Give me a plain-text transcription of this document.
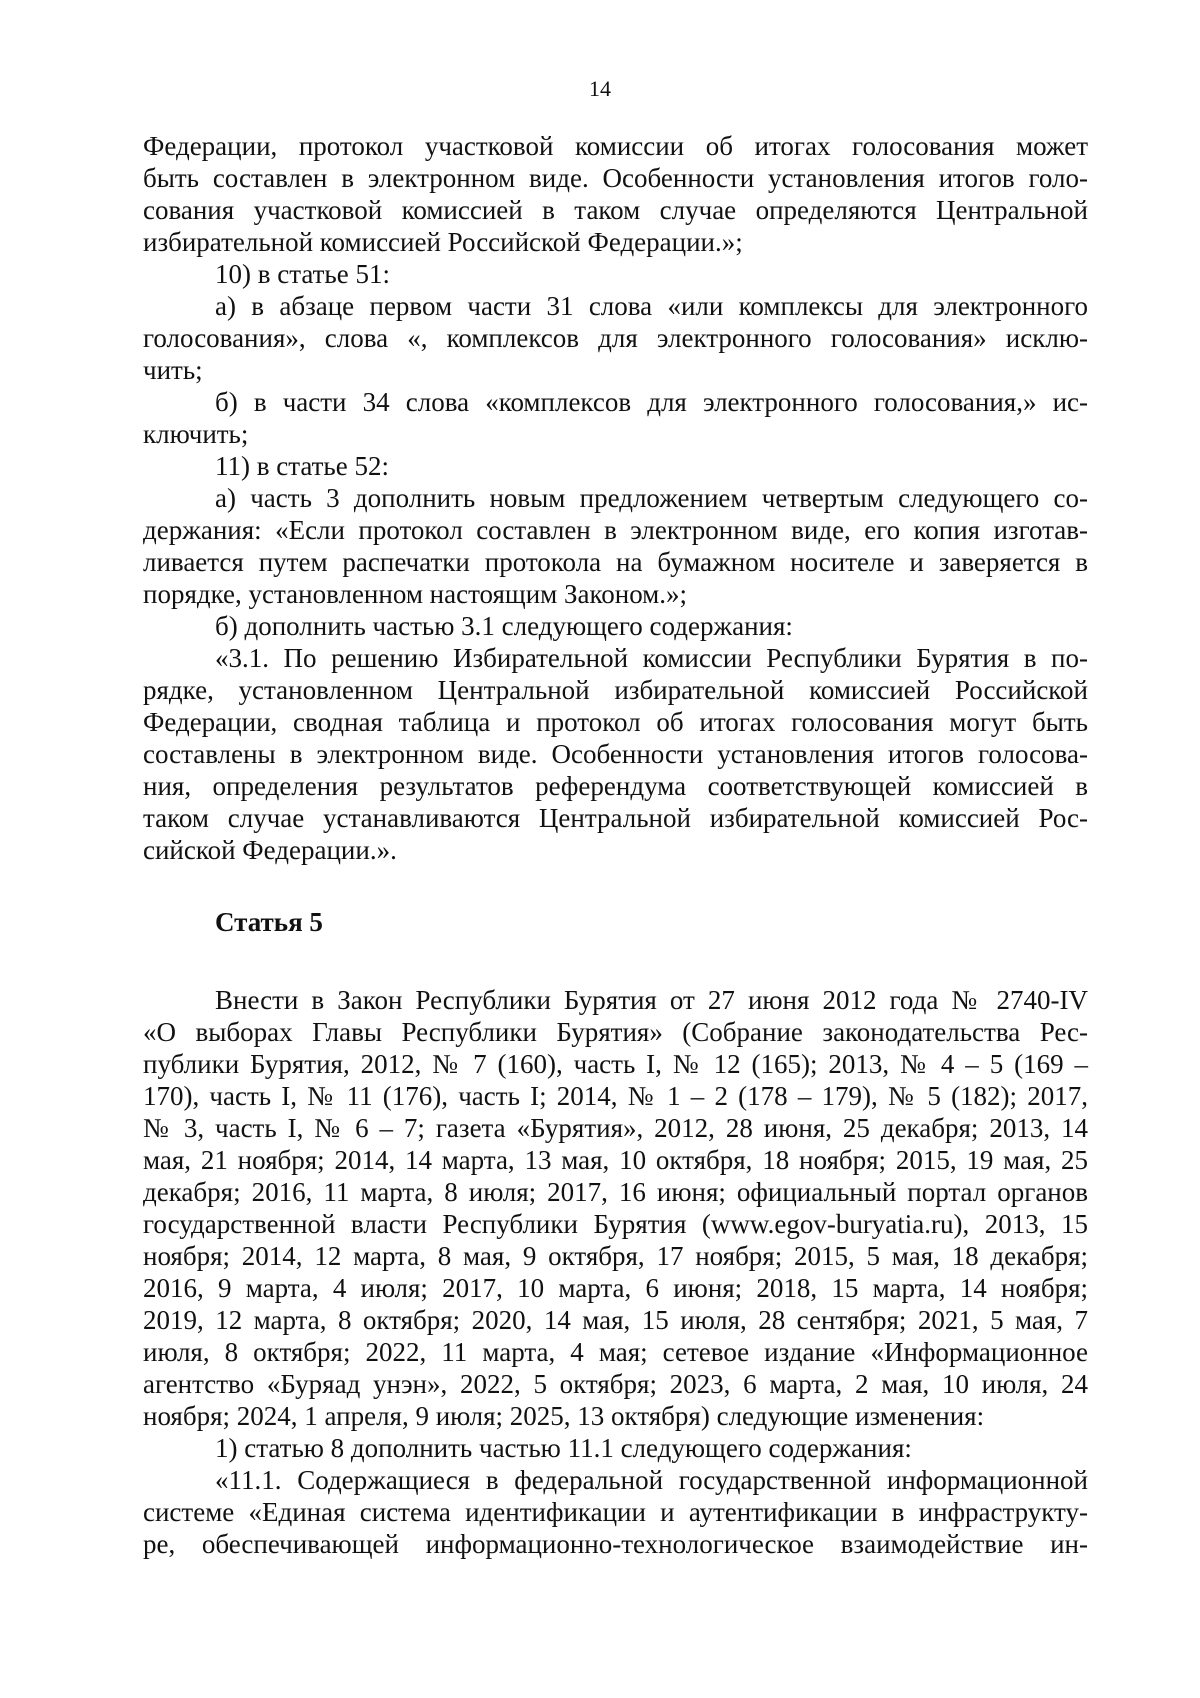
14
Федерации, протокол участковой комиссии об итогах голосования может
быть составлен в электронном виде. Особенности установления итогов голо-
сования участковой комиссией в таком случае определяются Центральной
избирательной комиссией Российской Федерации.»;
10) в статье 51:
а) в абзаце первом части 31 слова «или комплексы для электронного
голосования», слова «, комплексов для электронного голосования» исклю-
чить;
б) в части 34 слова «комплексов для электронного голосования,» ис-
ключить;
11) в статье 52:
а) часть 3 дополнить новым предложением четвертым следующего со-
держания: «Если протокол составлен в электронном виде, его копия изготав-
ливается путем распечатки протокола на бумажном носителе и заверяется в
порядке, установленном настоящим Законом.»;
б) дополнить частью 3.1 следующего содержания:
«3.1. По решению Избирательной комиссии Республики Бурятия в по-
рядке, установленном Центральной избирательной комиссией Российской
Федерации, сводная таблица и протокол об итогах голосования могут быть
составлены в электронном виде. Особенности установления итогов голосова-
ния, определения результатов референдума соответствующей комиссией в
таком случае устанавливаются Центральной избирательной комиссией Рос-
сийской Федерации.».
Статья 5
Внести в Закон Республики Бурятия от 27 июня 2012 года № 2740-IV
«О выборах Главы Республики Бурятия» (Собрание законодательства Рес-
публики Бурятия, 2012, № 7 (160), часть I, № 12 (165); 2013, № 4 – 5 (169 –
170), часть I, № 11 (176), часть I; 2014, № 1 – 2 (178 – 179), № 5 (182); 2017,
№ 3, часть I, № 6 – 7; газета «Бурятия», 2012, 28 июня, 25 декабря; 2013, 14
мая, 21 ноября; 2014, 14 марта, 13 мая, 10 октября, 18 ноября; 2015, 19 мая, 25
декабря; 2016, 11 марта, 8 июля; 2017, 16 июня; официальный портал органов
государственной власти Республики Бурятия (www.egov-buryatia.ru), 2013, 15
ноября; 2014, 12 марта, 8 мая, 9 октября, 17 ноября; 2015, 5 мая, 18 декабря;
2016, 9 марта, 4 июля; 2017, 10 марта, 6 июня; 2018, 15 марта, 14 ноября;
2019, 12 марта, 8 октября; 2020, 14 мая, 15 июля, 28 сентября; 2021, 5 мая, 7
июля, 8 октября; 2022, 11 марта, 4 мая; сетевое издание «Информационное
агентство «Буряад унэн», 2022, 5 октября; 2023, 6 марта, 2 мая, 10 июля, 24
ноября; 2024, 1 апреля, 9 июля; 2025, 13 октября) следующие изменения:
1) статью 8 дополнить частью 11.1 следующего содержания:
«11.1. Содержащиеся в федеральной государственной информационной
системе «Единая система идентификации и аутентификации в инфраструкту-
ре, обеспечивающей информационно-технологическое взаимодействие ин-
